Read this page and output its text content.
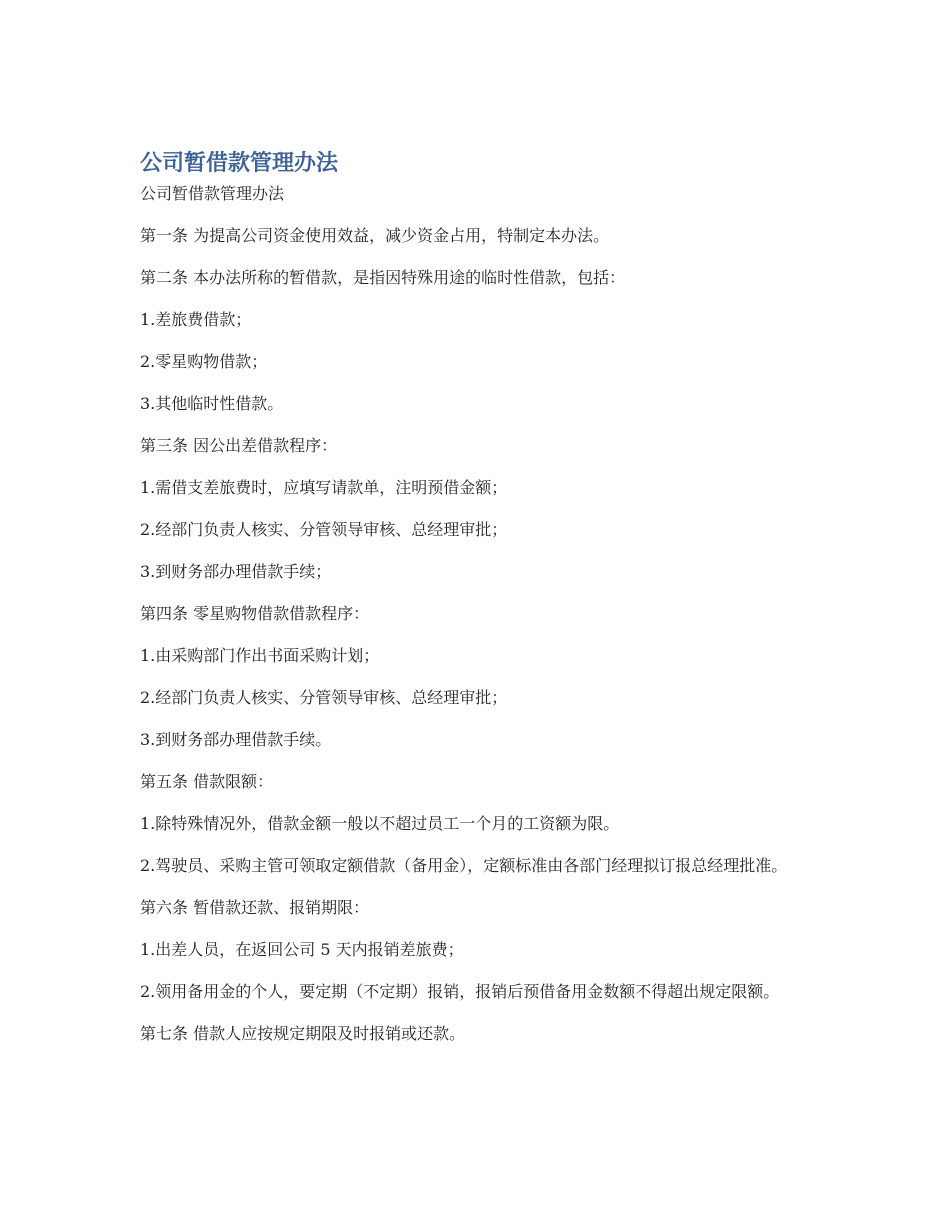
公司暂借款管理办法

公司暂借款管理办法

第一条 为提高公司资金使用效益，减少资金占用，特制定本办法。

第二条 本办法所称的暂借款，是指因特殊用途的临时性借款，包括：

1.差旅费借款；

2.零星购物借款；

3.其他临时性借款。

第三条 因公出差借款程序：

1.需借支差旅费时，应填写请款单，注明预借金额；

2.经部门负责人核实、分管领导审核、总经理审批；

3.到财务部办理借款手续；

第四条 零星购物借款借款程序：

1.由采购部门作出书面采购计划；

2.经部门负责人核实、分管领导审核、总经理审批；

3.到财务部办理借款手续。

第五条 借款限额：

1.除特殊情况外，借款金额一般以不超过员工一个月的工资额为限。

2.驾驶员、采购主管可领取定额借款（备用金），定额标准由各部门经理拟订报总经理批准。

第六条 暂借款还款、报销期限：

1.出差人员，在返回公司 5 天内报销差旅费；

2.领用备用金的个人，要定期（不定期）报销，报销后预借备用金数额不得超出规定限额。

第七条 借款人应按规定期限及时报销或还款。
